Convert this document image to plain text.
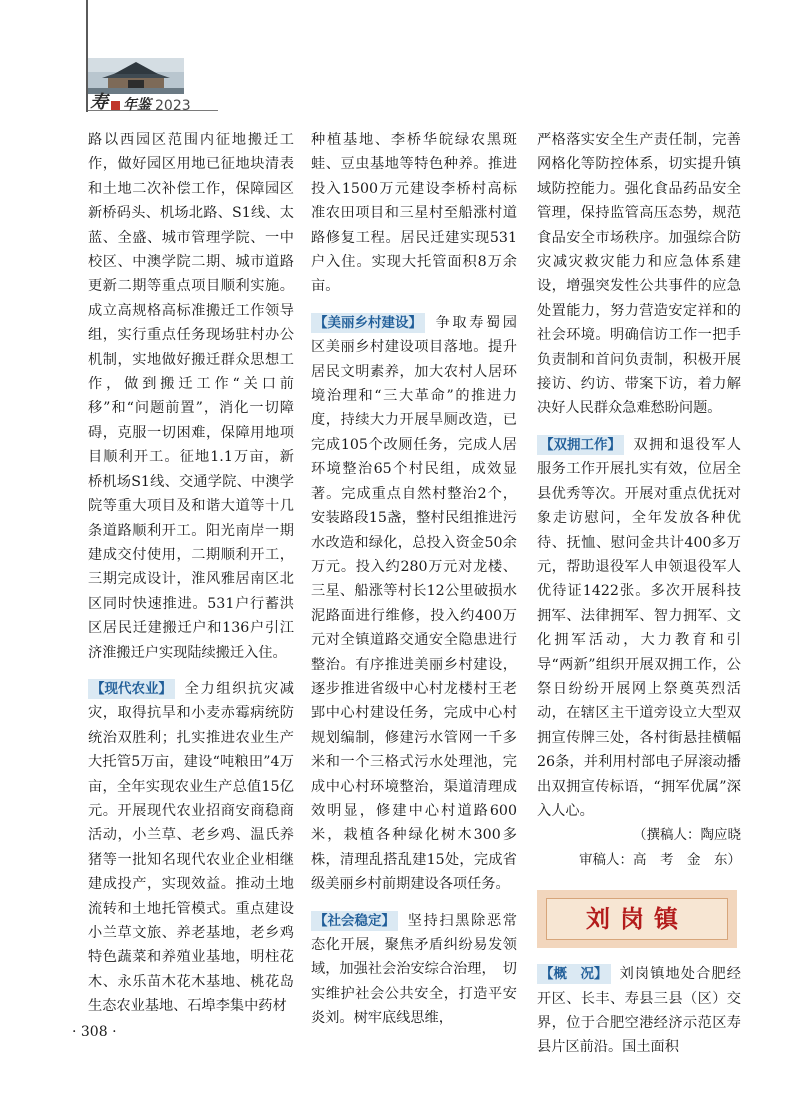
寿 年鉴 2023

路以西园区范围内征地搬迁工作，做好园区用地已征地块清表和土地二次补偿工作，保障园区新桥码头、机场北路、S1线、太蓝、全盛、城市管理学院、一中校区、中澳学院二期、城市道路更新二期等重点项目顺利实施。成立高规格高标准搬迁工作领导组，实行重点任务现场驻村办公机制，实地做好搬迁群众思想工作，做到搬迁工作“关口前移”和“问题前置”，消化一切障碍，克服一切困难，保障用地项目顺利开工。征地1.1万亩，新桥机场S1线、交通学院、中澳学院等重大项目及和谐大道等十几条道路顺利开工。阳光南岸一期建成交付使用，二期顺利开工，三期完成设计，淮风雅居南区北区同时快速推进。531户行蓄洪区居民迁建搬迁户和136户引江济淮搬迁户实现陆续搬迁入住。

【现代农业】 全力组织抗灾减灾，取得抗旱和小麦赤霉病统防统治双胜利；扎实推进农业生产大托管5万亩，建设“吨粮田”4万亩，全年实现农业生产总值15亿元。开展现代农业招商安商稳商活动，小兰草、老乡鸡、温氏养猪等一批知名现代农业企业相继建成投产，实现效益。推动土地流转和土地托管模式。重点建设小兰草文旅、养老基地，老乡鸡特色蔬菜和养殖业基地，明柱花木、永乐苗木花木基地、桃花岛生态农业基地、石埠李集中药材

种植基地、李桥华皖绿农黑斑蛙、豆虫基地等特色种养。推进投入1500万元建设李桥村高标准农田项目和三星村至船涨村道路修复工程。居民迁建实现531户入住。实现大托管面积8万余亩。

【美丽乡村建设】 争取寿蜀园区美丽乡村建设项目落地。提升居民文明素养，加大农村人居环境治理和“三大革命”的推进力度，持续大力开展旱厕改造，已完成105个改厕任务，完成人居环境整治65个村民组，成效显著。完成重点自然村整治2个，安装路段15盏，整村民组推进污水改造和绿化，总投入资金50余万元。投入约280万元对龙楼、三星、船涨等村长12公里破损水泥路面进行维修，投入约400万元对全镇道路交通安全隐患进行整治。有序推进美丽乡村建设，逐步推进省级中心村龙楼村王老郢中心村建设任务，完成中心村规划编制，修建污水管网一千多米和一个三格式污水处理池，完成中心村环境整治，渠道清理成效明显，修建中心村道路600米，栽植各种绿化树木300多株，清理乱搭乱建15处，完成省级美丽乡村前期建设各项任务。

【社会稳定】 坚持扫黑除恶常态化开展，聚焦矛盾纠纷易发领域，加强社会治安综合治理，　切实维护社会公共安全，打造平安炎刘。树牢底线思维，

严格落实安全生产责任制，完善网格化等防控体系，切实提升镇域防控能力。强化食品药品安全管理，保持监管高压态势，规范食品安全市场秩序。加强综合防灾减灾救灾能力和应急体系建设，增强突发性公共事件的应急处置能力，努力营造安定祥和的社会环境。明确信访工作一把手负责制和首问负责制，积极开展接访、约访、带案下访，着力解决好人民群众急难愁盼问题。

【双拥工作】 双拥和退役军人服务工作开展扎实有效，位居全县优秀等次。开展对重点优抚对象走访慰问，全年发放各种优待、抚恤、慰问金共计400多万元，帮助退役军人申领退役军人优待证1422张。多次开展科技拥军、法律拥军、智力拥军、文化拥军活动，大力教育和引导“两新”组织开展双拥工作，公祭日纷纷开展网上祭奠英烈活动，在辖区主干道旁设立大型双拥宣传牌三处，各村街悬挂横幅26条，并利用村部电子屏滚动播出双拥宣传标语，“拥军优属”深入人心。

（撰稿人：陶应晓

审稿人：高　考　金　东）

刘岗镇

【概　况】 刘岗镇地处合肥经开区、长丰、寿县三县（区）交界，位于合肥空港经济示范区寿县片区前沿。国土面积

· 308 ·
